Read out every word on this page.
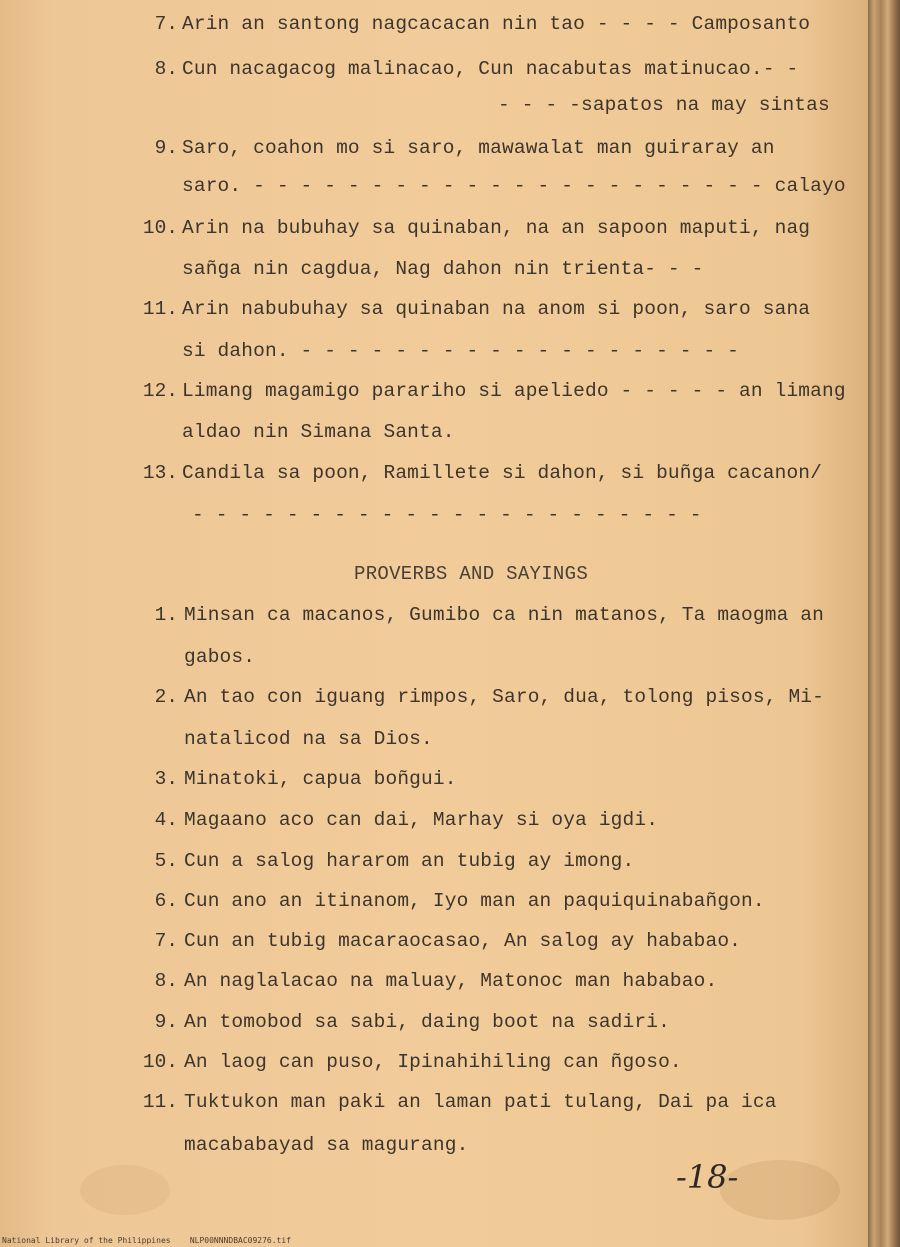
7. Arin an santong nagcacacan nin tao - - - - Camposanto
8. Cun nacagacog malinacao, Cun nacabutas matinucao.- -
- - - -sapatos na may sintas
9. Saro, coahon mo si saro, mawawalat man guiraray an
saro. - - - - - - - - - - - - - - - - - - - - - - calayo
10. Arin na bubuhay sa quinaban, na an sapoon maputi, nag
sañga nin cagdua, Nag dahon nin trienta- - -
11. Arin nabubuhay sa quinaban na anom si poon, saro sana
si dahon. - - - - - - - - - - - - - - - - - - -
12. Limang magamigo parariho si apeliedo - - - - - an limang
aldao nin Simana Santa.
13. Candila sa poon, Ramillete si dahon, si buñga cacanon/
- - - - - - - - - - - - - - - - - - - - - -
1. Minsan ca macanos, Gumibo ca nin matanos, Ta maogma an
gabos.
2. An tao con iguang rimpos, Saro, dua, tolong pisos, Mi-
natalicod na sa Dios.
3. Minatoki, capua boñgui.
4. Magaano aco can dai, Marhay si oya igdi.
5. Cun a salog hararom an tubig ay imong.
6. Cun ano an itinanom, Iyo man an paquiquinabañgon.
7. Cun an tubig macaraocasao, An salog ay hababao.
8. An naglalacao na maluay, Matonoc man hababao.
9. An tomobod sa sabi, daing boot na sadiri.
10. An laog can puso, Ipinahihiling can ñgoso.
11. Tuktukon man paki an laman pati tulang, Dai pa ica
macababayad sa magurang.
PROVERBS AND SAYINGS
-18-
National Library of the Philippines    NLP00NNNDBAC09276.tif
